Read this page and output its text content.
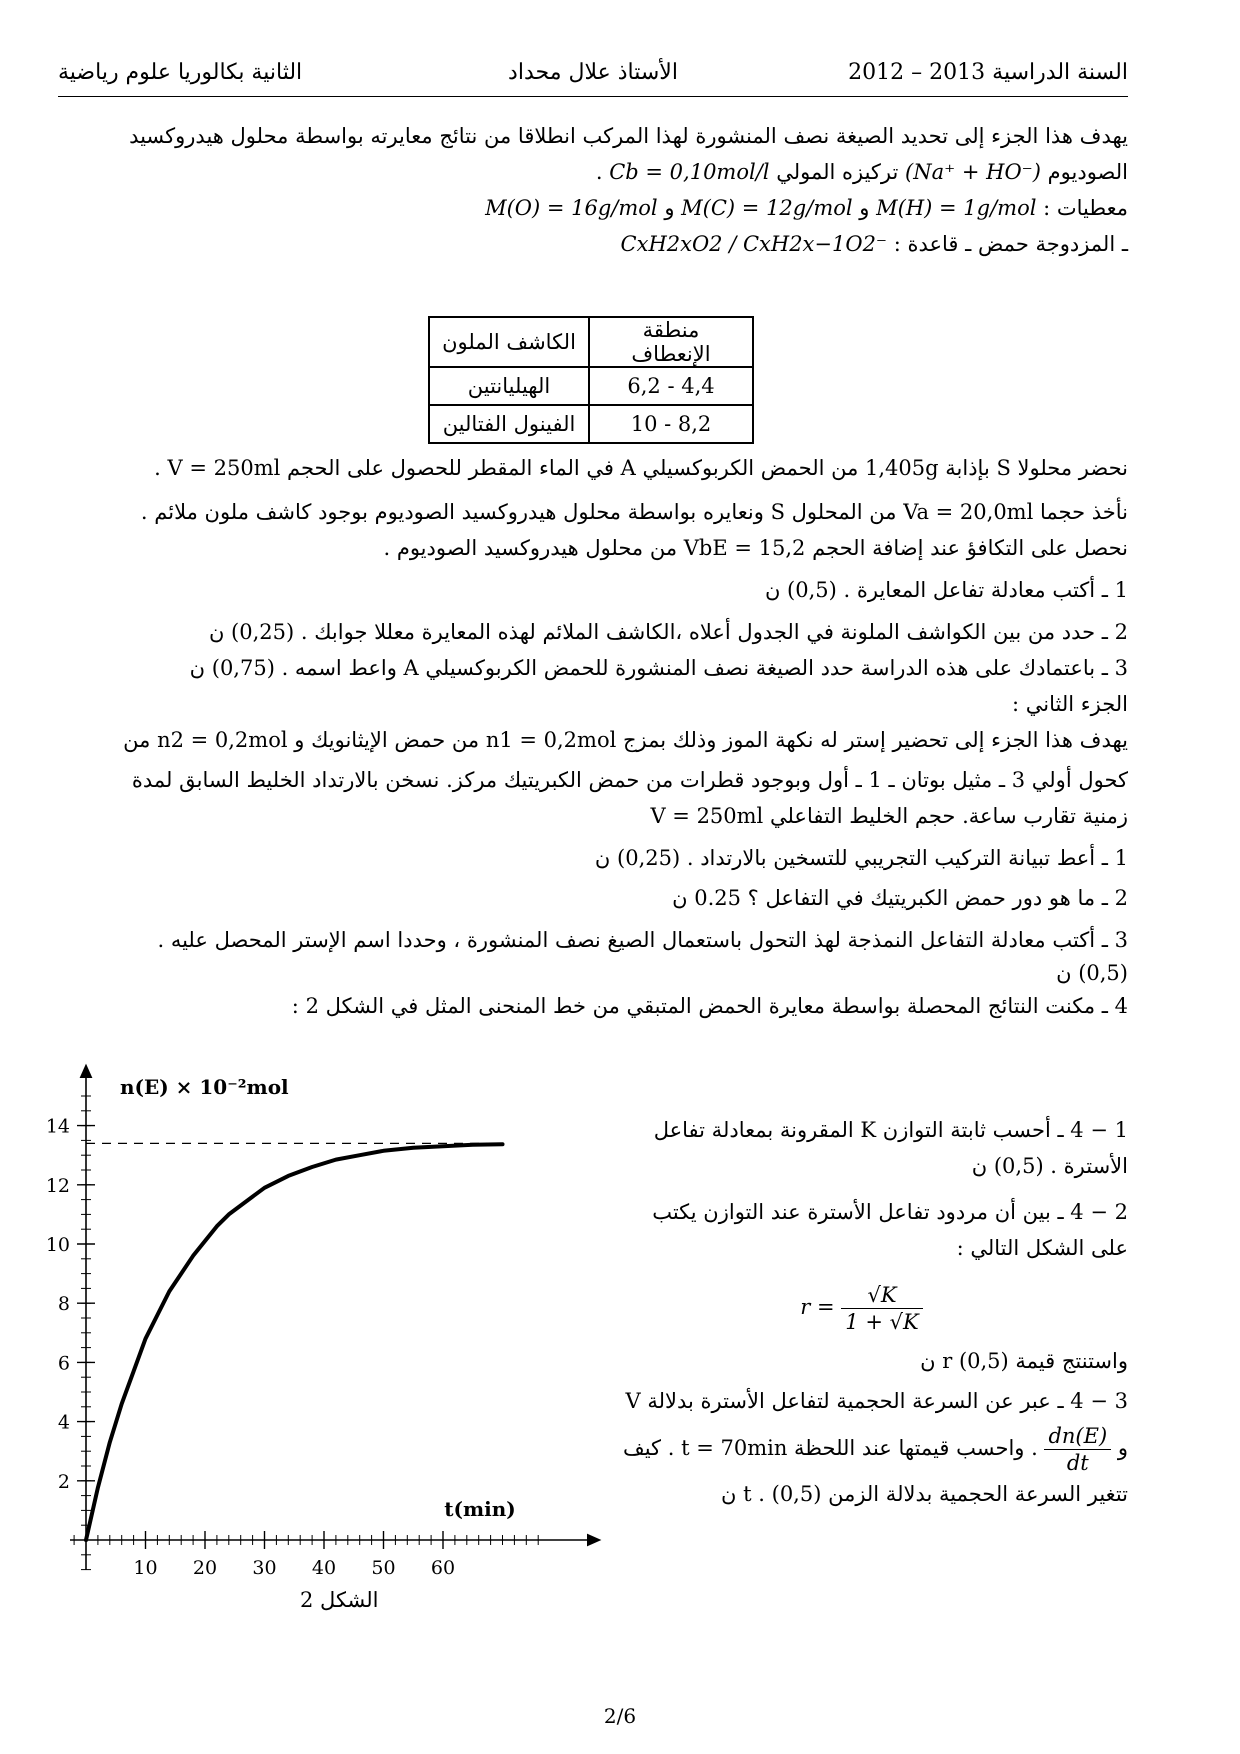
السنة الدراسية 2013 – 2012
الأستاذ علال محداد
الثانية بكالوريا علوم رياضية
يهدف هذا الجزء إلى تحديد الصيغة نصف المنشورة لهذا المركب انطلاقا من نتائج معايرته بواسطة محلول هيدروكسيد
الصوديوم (Na⁺ + HO⁻) تركيزه المولي Cb = 0,10mol/l .
معطيات : M(H) = 1g/mol و M(C) = 12g/mol و M(O) = 16g/mol
ـ المزدوجة حمض ـ قاعدة : CxH2xO2 / CxH2x−1O2⁻
منطقة الإنعطاف	الكاشف الملون
4,4 - 6,2	الهيليانتين
8,2 - 10	الفينول الفتالين
نحضر محلولا S بإذابة 1,405g من الحمض الكربوكسيلي A في الماء المقطر للحصول على الحجم V = 250ml .
نأخذ حجما Va = 20,0ml من المحلول S ونعايره بواسطة محلول هيدروكسيد الصوديوم بوجود كاشف ملون ملائم .
نحصل على التكافؤ عند إضافة الحجم VbE = 15,2 من محلول هيدروكسيد الصوديوم .
1 ـ أكتب معادلة تفاعل المعايرة . (0,5) ن
2 ـ حدد من بين الكواشف الملونة في الجدول أعلاه ،الكاشف الملائم لهذه المعايرة معللا جوابك . (0,25) ن
3 ـ باعتمادك على هذه الدراسة حدد الصيغة نصف المنشورة للحمض الكربوكسيلي A واعط اسمه . (0,75) ن
الجزء الثاني :
يهدف هذا الجزء إلى تحضير إستر له نكهة الموز وذلك بمزج n1 = 0,2mol من حمض الإيثانويك و n2 = 0,2mol من
كحول أولي 3 ـ مثيل بوتان ـ 1 ـ أول وبوجود قطرات من حمض الكبريتيك مركز. نسخن بالارتداد الخليط السابق لمدة
زمنية تقارب ساعة. حجم الخليط التفاعلي V = 250ml
1 ـ أعط تبيانة التركيب التجريبي للتسخين بالارتداد . (0,25) ن
2 ـ ما هو دور حمض الكبريتيك في التفاعل ؟ 0.25 ن
3 ـ أكتب معادلة التفاعل النمذجة لهذ التحول باستعمال الصيغ نصف المنشورة ، وحددا اسم الإستر المحصل عليه .
(0,5) ن
4 ـ مكنت النتائج المحصلة بواسطة معايرة الحمض المتبقي من خط المنحنى المثل في الشكل 2 :
10 20 30 40 50 60
2
4
6
8
10
12
14
n(E) × 10⁻²mol
t(min)
الشكل 2
1 − 4 ـ أحسب ثابتة التوازن K المقرونة بمعادلة تفاعل
الأسترة . (0,5) ن
2 − 4 ـ بين أن مردود تفاعل الأسترة عند التوازن يكتب
على الشكل التالي :
$r = \frac{√K}{1 + √K}$
واستنتج قيمة r (0,5) ن
3 − 4 ـ عبر عن السرعة الحجمية لتفاعل الأسترة بدلالة V
و
$\frac{dn(E)}{dt}$
. واحسب قيمتها عند اللحظة t = 70min . كيف
تتغير السرعة الحجمية بدلالة الزمن t . (0,5) ن
2/6
